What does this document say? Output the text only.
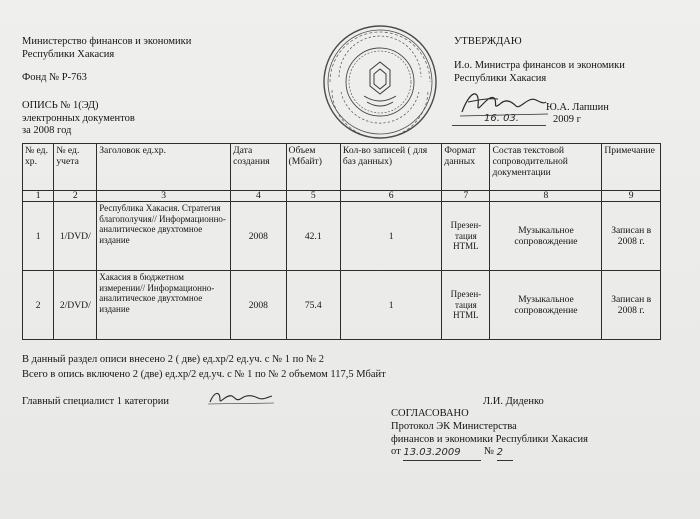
Министерство финансов и экономики
Республики Хакасия
Фонд № Р-763
ОПИСЬ № 1(ЭД)
электронных документов
за 2008 год
УТВЕРЖДАЮ
И.о. Министра финансов и экономики
Республики Хакасия
Ю.А. Лапшин
16. 03.	2009 г
№ ед. хр.	№ ед. учета	Заголовок ед.хр.	Дата создания	Объем (Мбайт)	Кол-во записей ( для баз данных)	Формат данных	Состав текстовой сопроводительной документации	Примечание
1	2	3	4	5	6	7	8	9
1	1/DVD/	Республика Хакасия. Стратегия благополучия// Информационно-аналитическое двухтомное издание	2008	42.1	1	Презен-тация HTML	Музыкальное сопровождение	Записан в 2008 г.
2	2/DVD/	Хакасия в бюджетном измерении// Информационно-аналитическое двухтомное издание	2008	75.4	1	Презен-тация HTML	Музыкальное сопровождение	Записан в 2008 г.
В данный раздел описи внесено 2 ( две) ед.хр/2 ед.уч. с № 1 по № 2
Всего в опись включено 2 (две) ед.хр/2 ед.уч. с № 1 по № 2 объемом 117,5 Мбайт
Главный специалист 1 категории	Л.И. Диденко
СОГЛАСОВАНО
Протокол ЭК Министерства
финансов и экономики Республики Хакасия
от 13.03.2009 № 2
